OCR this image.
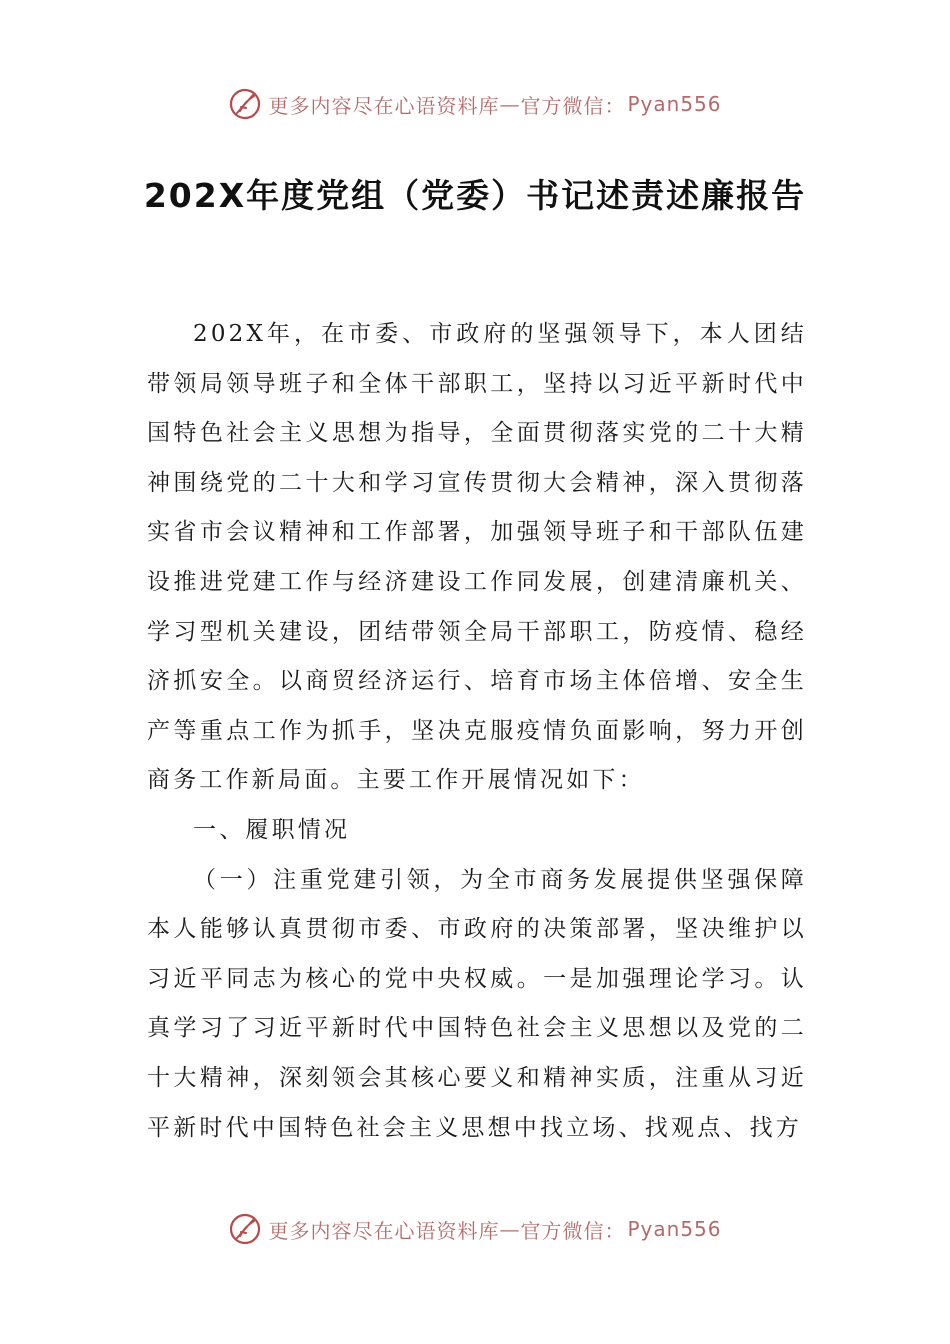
更多内容尽在心语资料库 — 官方微信： Pyan556
202X年度党组（党委）书记述责述廉报告

202X年，在市委、市政府的坚强领导下，本人团结带领局领导班子和全体干部职工，坚持以习近平新时代中国特色社会主义思想为指导，全面贯彻落实党的二十大精神围绕党的二十大和学习宣传贯彻大会精神，深入贯彻落实省市会议精神和工作部署，加强领导班子和干部队伍建设推进党建工作与经济建设工作同发展，创建清廉机关、学习型机关建设，团结带领全局干部职工，防疫情、稳经济抓安全。以商贸经济运行、培育市场主体倍增、安全生产等重点工作为抓手，坚决克服疫情负面影响，努力开创商务工作新局面。主要工作开展情况如下：

一、履职情况

（一）注重党建引领，为全市商务发展提供坚强保障本人能够认真贯彻市委、市政府的决策部署，坚决维护以习近平同志为核心的党中央权威。一是加强理论学习。认真学习了习近平新时代中国特色社会主义思想以及党的二十大精神，深刻领会其核心要义和精神实质，注重从习近平新时代中国特色社会主义思想中找立场、找观点、找方

更多内容尽在心语资料库 — 官方微信： Pyan556
